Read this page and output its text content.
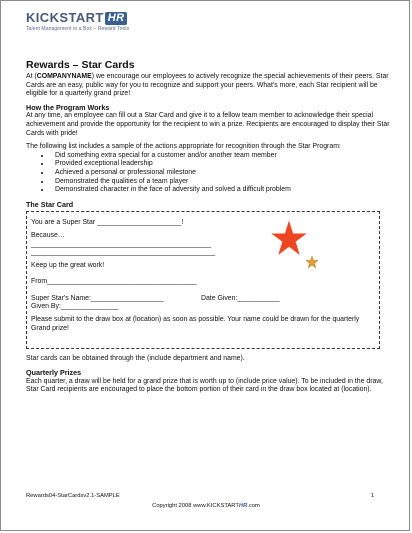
KICKSTART HR
Talent Management in a Box – Reward Tools
Rewards – Star Cards

At (COMPANYNAME) we encourage our employees to actively recognize the special achievements of their peers. Star Cards are an easy, public way for you to recognize and support your peers. What's more, each Star recipient will be eligible for a quarterly grand prize!

How the Program Works

At any time, an employee can fill out a Star Card and give it to a fellow team member to acknowledge their special achievement and provide the opportunity for the recipient to win a prize. Recipients are encouraged to display their Star Cards with pride!

The following list includes a sample of the actions appropriate for recognition through the Star Program:

• Did something extra special for a customer and/or another team member
• Provided exceptional leadership
• Achieved a personal or professional milestone
• Demonstrated the qualities of a team player
• Demonstrated character in the face of adversity and solved a difficult problem
The Star Card
You are a Super Star ______________________!
Because…
_______________________________________________
________________________________________________
Keep up the great work!
From_______________________________________
Super Star's Name:___________________	Date Given:___________
Given By:_______________
Please submit to the draw box at (location) as soon as possible. Your name could be drawn for the quarterly Grand prize!

Star cards can be obtained through the (include department and name).

Quarterly Prizes

Each quarter, a draw will be held for a grand prize that is worth up to (include price value). To be included in the draw, Star Card recipients are encouraged to place the bottom portion of their card in the draw box located at (location).

Rewards04-StarCardsv2.1-SAMPLE	1
Copyright 2008 www.KICKSTARTHR.com
